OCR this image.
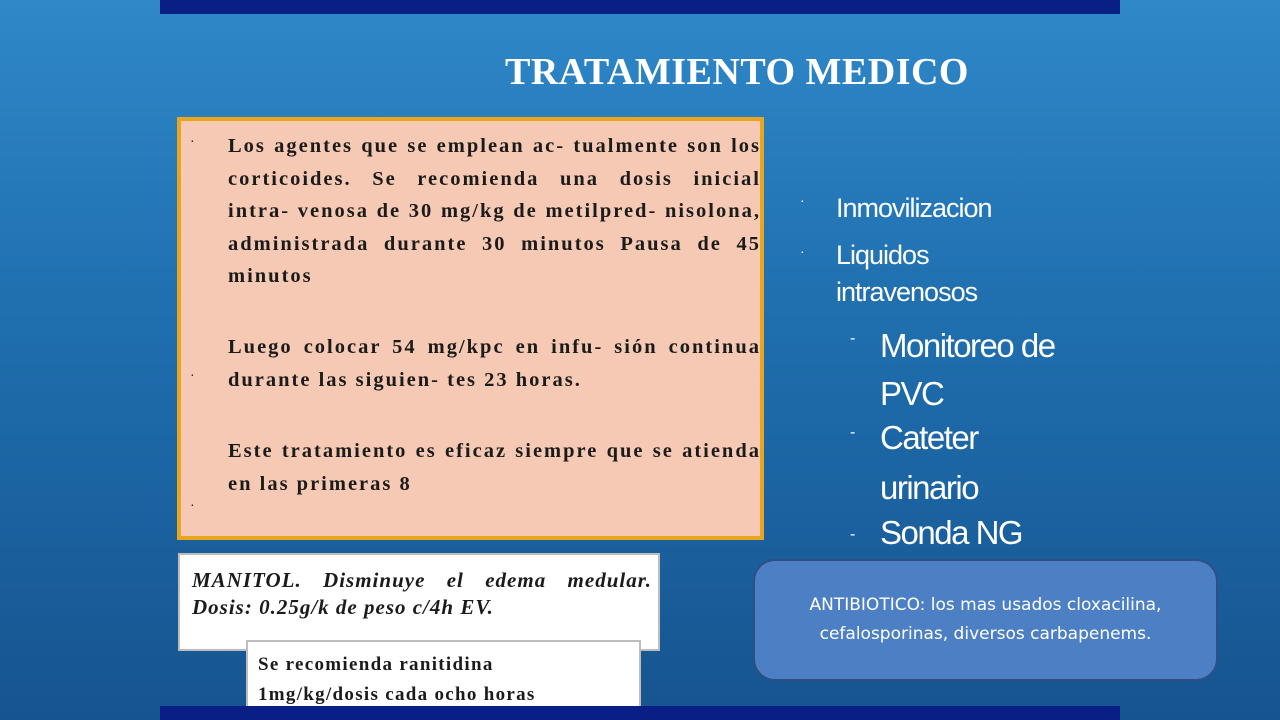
TRATAMIENTO MEDICO
· Los agentes que se emplean ac- tualmente son los corticoides. Se recomienda una dosis inicial intra- venosa de 30 mg/kg de metilpred- nisolona, administrada durante 30 minutos Pausa de 45 minutos

·

Luego colocar 54 mg/kpc en infu- sión continua durante las siguien- tes 23 horas.

·

Este tratamiento es eficaz siempre que se atienda en las primeras 8

· Inmovilizacion
· Liquidos intravenosos
- Monitoreo de PVC
- Cateter urinario
- Sonda NG

MANITOL. Disminuye el edema medular. Dosis: 0.25g/k de peso c/4h EV.

Se recomienda ranitidina

1mg/kg/dosis cada ocho horas

ANTIBIOTICO: los mas usados cloxacilina, cefalosporinas, diversos carbapenems.
